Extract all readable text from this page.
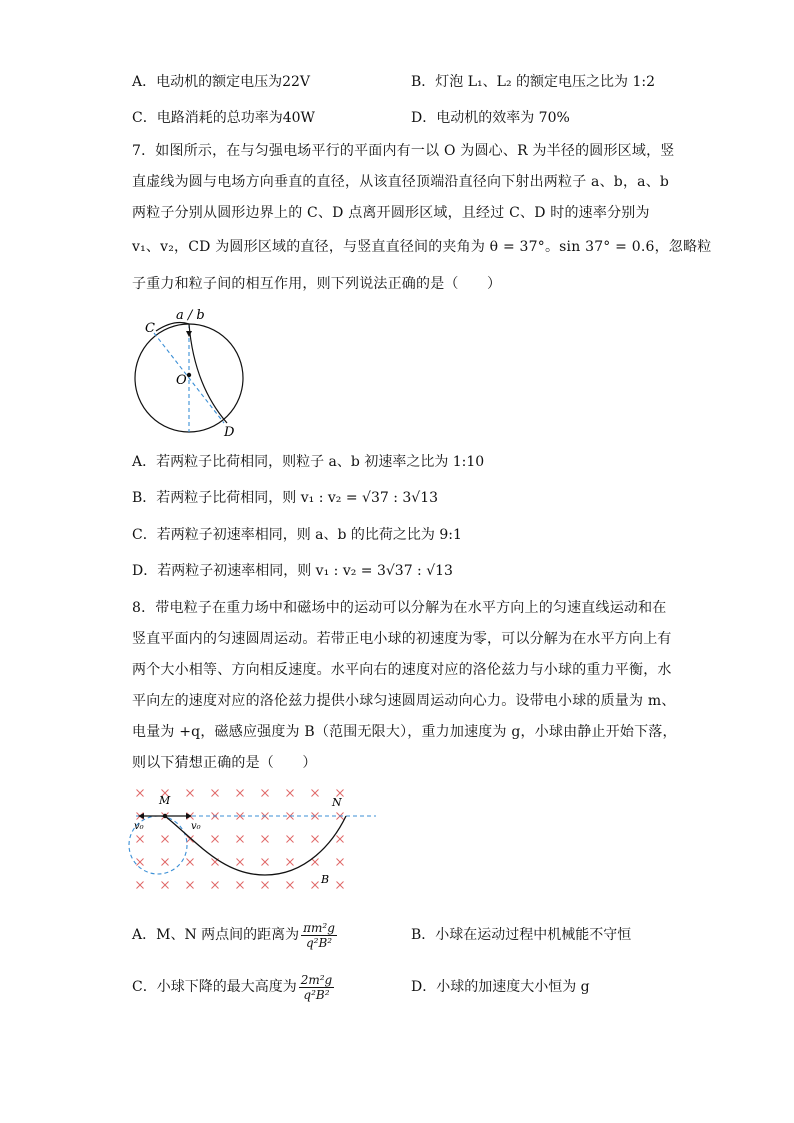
A．电动机的额定电压为22V	B．灯泡 L₁、L₂ 的额定电压之比为 1:2
C．电路消耗的总功率为40W	D．电动机的效率为 70%
7．如图所示，在与匀强电场平行的平面内有一以 O 为圆心、R 为半径的圆形区域，竖
直虚线为圆与电场方向垂直的直径，从该直径顶端沿直径向下射出两粒子 a、b，a、b
两粒子分别从圆形边界上的 C、D 点离开圆形区域，且经过 C、D 时的速率分别为
v₁、v₂，CD 为圆形区域的直径，与竖直直径间的夹角为 θ = 37°。sin 37° = 0.6，忽略粒
子重力和粒子间的相互作用，则下列说法正确的是（　　）
C
a / b
O
D
A．若两粒子比荷相同，则粒子 a、b 初速率之比为 1:10
B．若两粒子比荷相同，则 v₁ : v₂ = √37 : 3√13
C．若两粒子初速率相同，则 a、b 的比荷之比为 9:1
D．若两粒子初速率相同，则 v₁ : v₂ = 3√37 : √13
8．带电粒子在重力场中和磁场中的运动可以分解为在水平方向上的匀速直线运动和在
竖直平面内的匀速圆周运动。若带正电小球的初速度为零，可以分解为在水平方向上有
两个大小相等、方向相反速度。水平向右的速度对应的洛伦兹力与小球的重力平衡，水
平向左的速度对应的洛伦兹力提供小球匀速圆周运动向心力。设带电小球的质量为 m、
电量为 +q，磁感应强度为 B（范围无限大），重力加速度为 g，小球由静止开始下落，
则以下猜想正确的是（　　）
M	N
v₀	v₀
B
A．M、N 两点间的距离为 $\frac{\text{πm²g}}{\text{q²B²}}$	B．小球在运动过程中机械能不守恒
C．小球下降的最大高度为 $\frac{\text{2m²g}}{\text{q²B²}}$	D．小球的加速度大小恒为 g
